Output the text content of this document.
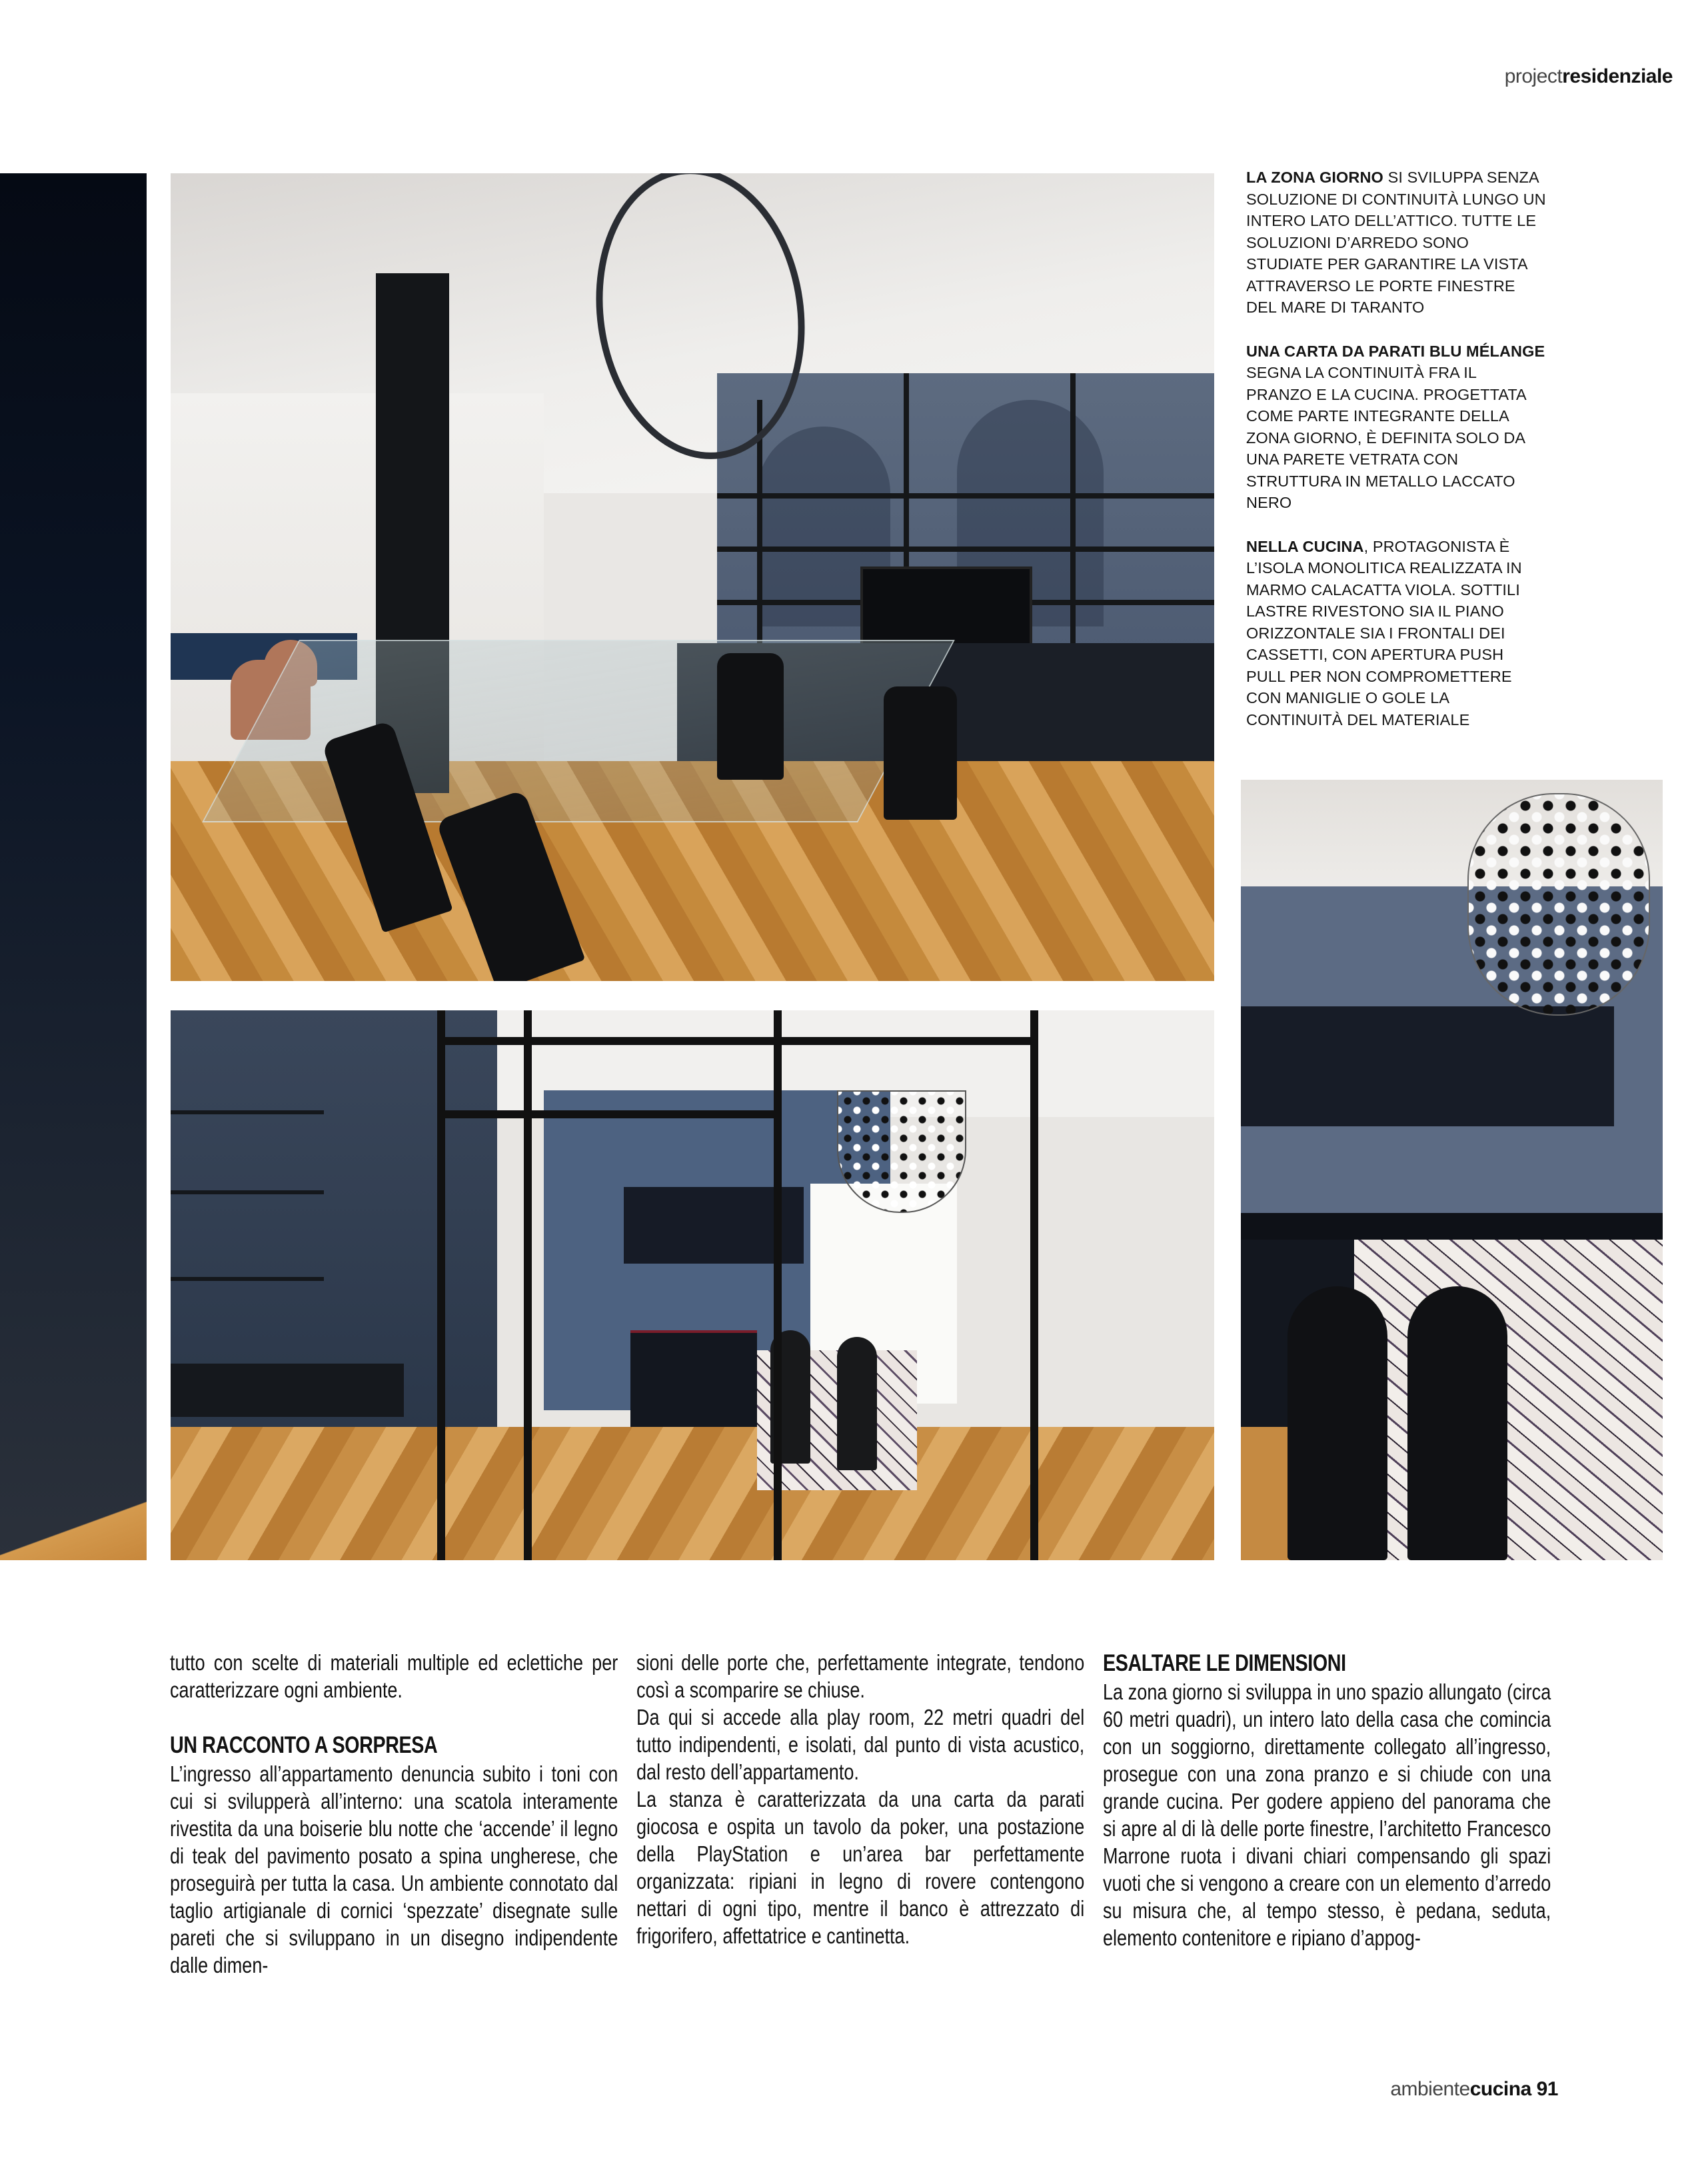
projectresidenziale

LA ZONA GIORNO SI SVILUPPA SENZA SOLUZIONE DI CONTINUITÀ LUNGO UN INTERO LATO DELL’ATTICO. TUTTE LE SOLUZIONI D’ARREDO SONO STUDIATE PER GARANTIRE LA VISTA ATTRAVERSO LE PORTE FINESTRE DEL MARE DI TARANTO

UNA CARTA DA PARATI BLU MÉLANGE SEGNA LA CONTINUITÀ FRA IL PRANZO E LA CUCINA. PROGETTATA COME PARTE INTEGRANTE DELLA ZONA GIORNO, È DEFINITA SOLO DA UNA PARETE VETRATA CON STRUTTURA IN METALLO LACCATO NERO

NELLA CUCINA, PROTAGONISTA È L’ISOLA MONOLITICA REALIZZATA IN MARMO CALACATTA VIOLA. SOTTILI LASTRE RIVESTONO SIA IL PIANO ORIZZONTALE SIA I FRONTALI DEI CASSETTI, CON APERTURA PUSH PULL PER NON COMPROMETTERE CON MANIGLIE O GOLE LA CONTINUITÀ DEL MATERIALE

tutto con scelte di materiali multiple ed eclettiche per caratterizzare ogni ambiente.

UN RACCONTO A SORPRESA

L’ingresso all’appartamento denuncia subito i toni con cui si svilupperà all’interno: una scatola interamente rivestita da una boiserie blu notte che ‘accende’ il legno di teak del pavimento posato a spina ungherese, che proseguirà per tutta la casa. Un ambiente connotato dal taglio artigianale di cornici ‘spezzate’ disegnate sulle pareti che si sviluppano in un disegno indipendente dalle dimen-

sioni delle porte che, perfettamente integrate, tendono così a scomparire se chiuse.

Da qui si accede alla play room, 22 metri quadri del tutto indipendenti, e isolati, dal punto di vista acustico, dal resto dell’appartamento.

La stanza è caratterizzata da una carta da parati giocosa e ospita un tavolo da poker, una postazione della PlayStation e un’area bar perfettamente organizzata: ripiani in legno di rovere contengono nettari di ogni tipo, mentre il banco è attrezzato di frigorifero, affettatrice e cantinetta.

ESALTARE LE DIMENSIONI

La zona giorno si sviluppa in uno spazio allungato (circa 60 metri quadri), un intero lato della casa che comincia con un soggiorno, direttamente collegato all’ingresso, prosegue con una zona pranzo e si chiude con una grande cucina. Per godere appieno del panorama che si apre al di là delle porte finestre, l’architetto Francesco Marrone ruota i divani chiari compensando gli spazi vuoti che si vengono a creare con un elemento d’arredo su misura che, al tempo stesso, è pedana, seduta, elemento contenitore e ripiano d’appog-

ambientecucina 91
